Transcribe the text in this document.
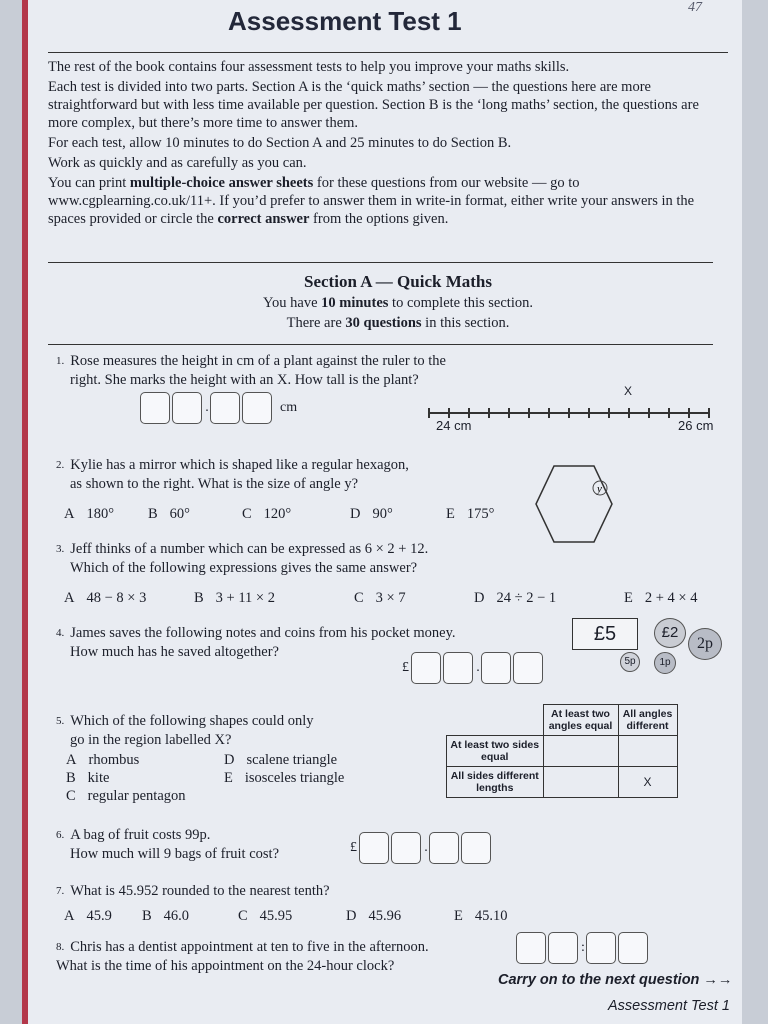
47
Assessment Test 1

The rest of the book contains four assessment tests to help you improve your maths skills.

Each test is divided into two parts. Section A is the ‘quick maths’ section — the questions here are more straightforward but with less time available per question. Section B is the ‘long maths’ section, the questions are more complex, but there’s more time to answer them.

For each test, allow 10 minutes to do Section A and 25 minutes to do Section B.

Work as quickly and as carefully as you can.

You can print multiple-choice answer sheets for these questions from our website — go to www.cgplearning.co.uk/11+. If you’d prefer to answer them in write-in format, either write your answers in the spaces provided or circle the correct answer from the options given.

Section A — Quick Maths
You have 10 minutes to complete this section.
There are 30 questions in this section.
1. Rose measures the height in cm of a plant against the ruler to the
right. She marks the height with an X. How tall is the plant?
.	cm
X
24 cm	26 cm
2. Kylie has a mirror which is shaped like a regular hexagon,
as shown to the right. What is the size of angle y?	y
A 180° B 60°	C 120°	D 90°	E 175°
3. Jeff thinks of a number which can be expressed as 6 × 2 + 12.
Which of the following expressions gives the same answer?
A 48 − 8 × 3	B 3 + 11 × 2	C 3 × 7	D 24 ÷ 2 − 1	E 2 + 4 × 4
4. James saves the following notes and coins from his pocket money.
How much has he saved altogether?
£	.
£5	£2
2p
5p	1p
5. Which of the following shapes could only
go in the region labelled X?
A rhombus
B kite
C regular pentagon
D scalene triangle
E isosceles triangle
	At least two angles equal	All angles different
At least two sides equal		
All sides different lengths		X
6. A bag of fruit costs 99p.
How much will 9 bags of fruit cost?	£	.
7. What is 45.952 rounded to the nearest tenth?
A 45.9 B 46.0	C 45.95	D 45.96	E 45.10
8. Chris has a dentist appointment at ten to five in the afternoon.
What is the time of his appointment on the 24-hour clock?
:
Carry on to the next question →→
Assessment Test 1
